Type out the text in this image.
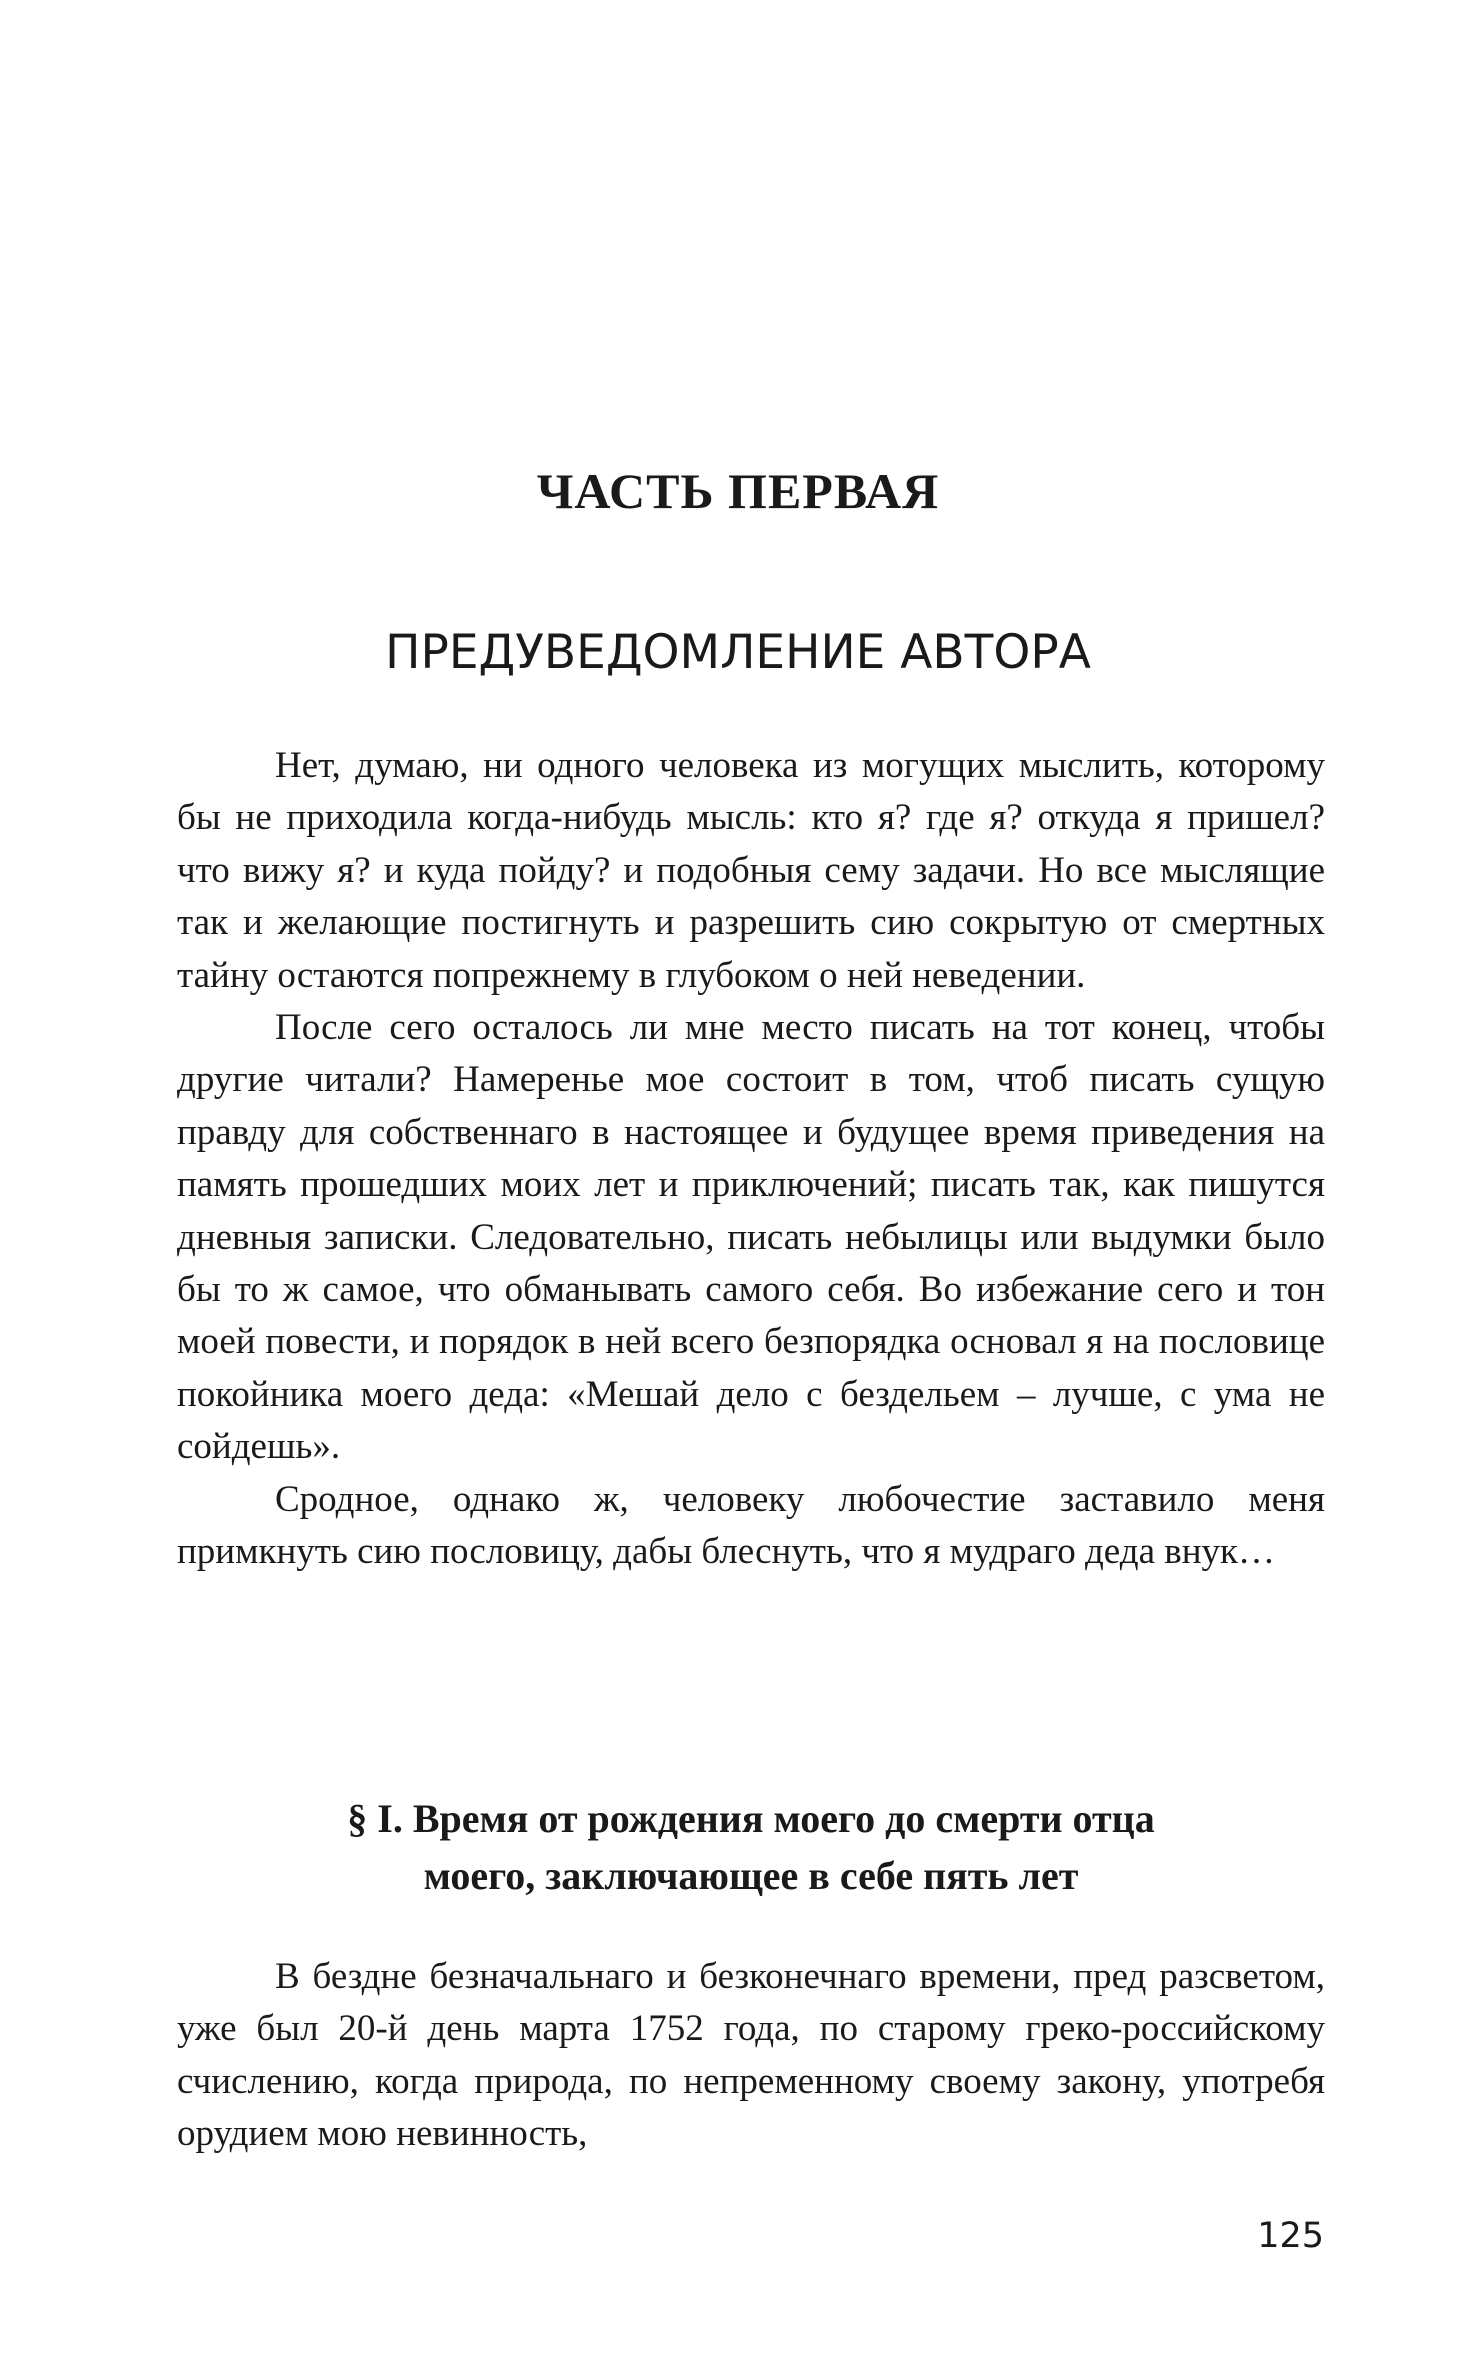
ЧАСТЬ ПЕРВАЯ
ПРЕДУВЕДОМЛЕНИЕ АВТОРА

Нет, думаю, ни одного человека из могущих мыслить, которому бы не приходила когда-нибудь мысль: кто я? где я? откуда я пришел? что вижу я? и куда пойду? и подобныя сему задачи. Но все мыслящие так и желающие постигнуть и разрешить сию сокрытую от смертных тайну остаются попрежнему в глубоком о ней неведении.

После сего осталось ли мне место писать на тот конец, чтобы другие читали? Намеренье мое состоит в том, чтоб писать сущую правду для собственнаго в настоящее и будущее время приведения на память прошедших моих лет и приключений; писать так, как пишутся дневныя записки. Следовательно, писать небылицы или выдумки было бы то ж самое, что обманывать самого себя. Во избежание сего и тон моей повести, и порядок в ней всего безпорядка основал я на пословице покойника моего деда: «Мешай дело с бездельем – лучше, с ума не сойдешь».

Сродное, однако ж, человеку любочестие заставило меня примкнуть сию пословицу, дабы блеснуть, что я мудраго деда внук…

§ I. Время от рождения моего до смерти отца
моего, заключающее в себе пять лет

В бездне безначальнаго и безконечнаго времени, пред разсветом, уже был 20-й день марта 1752 года, по старому греко-российскому счислению, когда природа, по непременному своему закону, употребя орудием мою невинность,

125
